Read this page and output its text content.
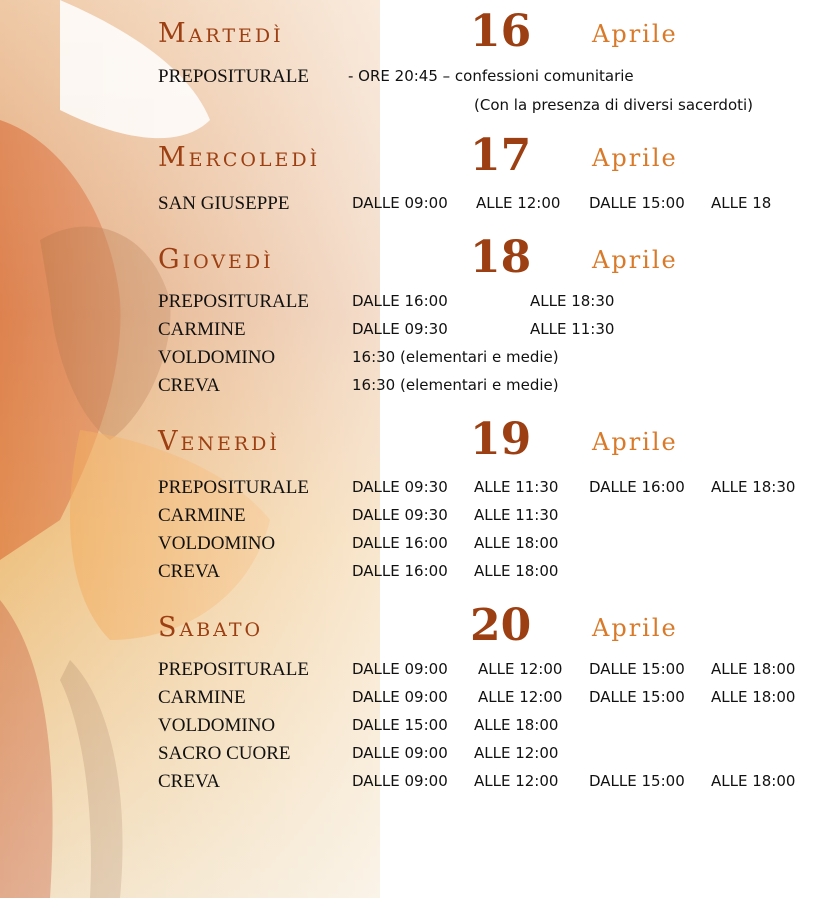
Martedì	16	Aprile
PREPOSITURALE	- ORE 20:45 – confessioni comunitarie
(Con la presenza di diversi sacerdoti)
Mercoledì	17	Aprile
SAN GIUSEPPE	DALLE 09:00 ALLE 12:00 DALLE 15:00 ALLE 18
Giovedì	18	Aprile
PREPOSITURALE	DALLE 16:00	ALLE 18:30
CARMINE	DALLE 09:30	ALLE 11:30
VOLDOMINO	16:30 (elementari e medie)
CREVA	16:30 (elementari e medie)
Venerdì	19	Aprile
PREPOSITURALE	DALLE 09:30 ALLE 11:30 DALLE 16:00 ALLE 18:30
CARMINE	DALLE 09:30 ALLE 11:30
VOLDOMINO	DALLE 16:00 ALLE 18:00
CREVA	DALLE 16:00 ALLE 18:00
Sabato	20	Aprile
PREPOSITURALE	DALLE 09:00 ALLE 12:00 DALLE 15:00 ALLE 18:00
CARMINE	DALLE 09:00 ALLE 12:00 DALLE 15:00 ALLE 18:00
VOLDOMINO	DALLE 15:00 ALLE 18:00
SACRO CUORE	DALLE 09:00 ALLE 12:00
CREVA	DALLE 09:00 ALLE 12:00 DALLE 15:00 ALLE 18:00
